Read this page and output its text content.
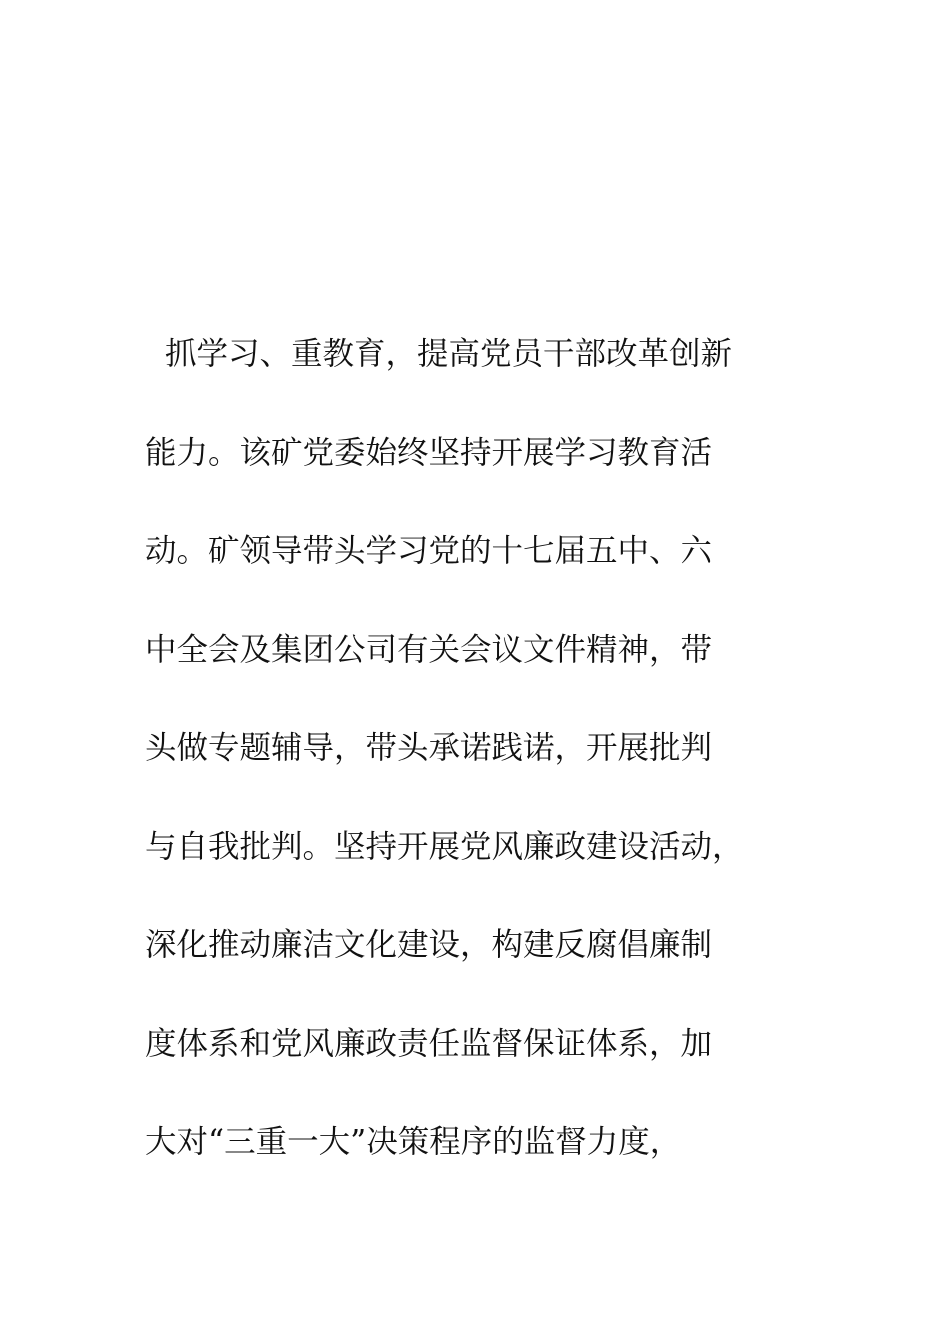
抓学习、重教育，提高党员干部改革创新
能力。该矿党委始终坚持开展学习教育活
动。矿领导带头学习党的十七届五中、六
中全会及集团公司有关会议文件精神，带
头做专题辅导，带头承诺践诺，开展批判
与自我批判。坚持开展党风廉政建设活动，
深化推动廉洁文化建设，构建反腐倡廉制
度体系和党风廉政责任监督保证体系，加
大对“三重一大”决策程序的监督力度，
